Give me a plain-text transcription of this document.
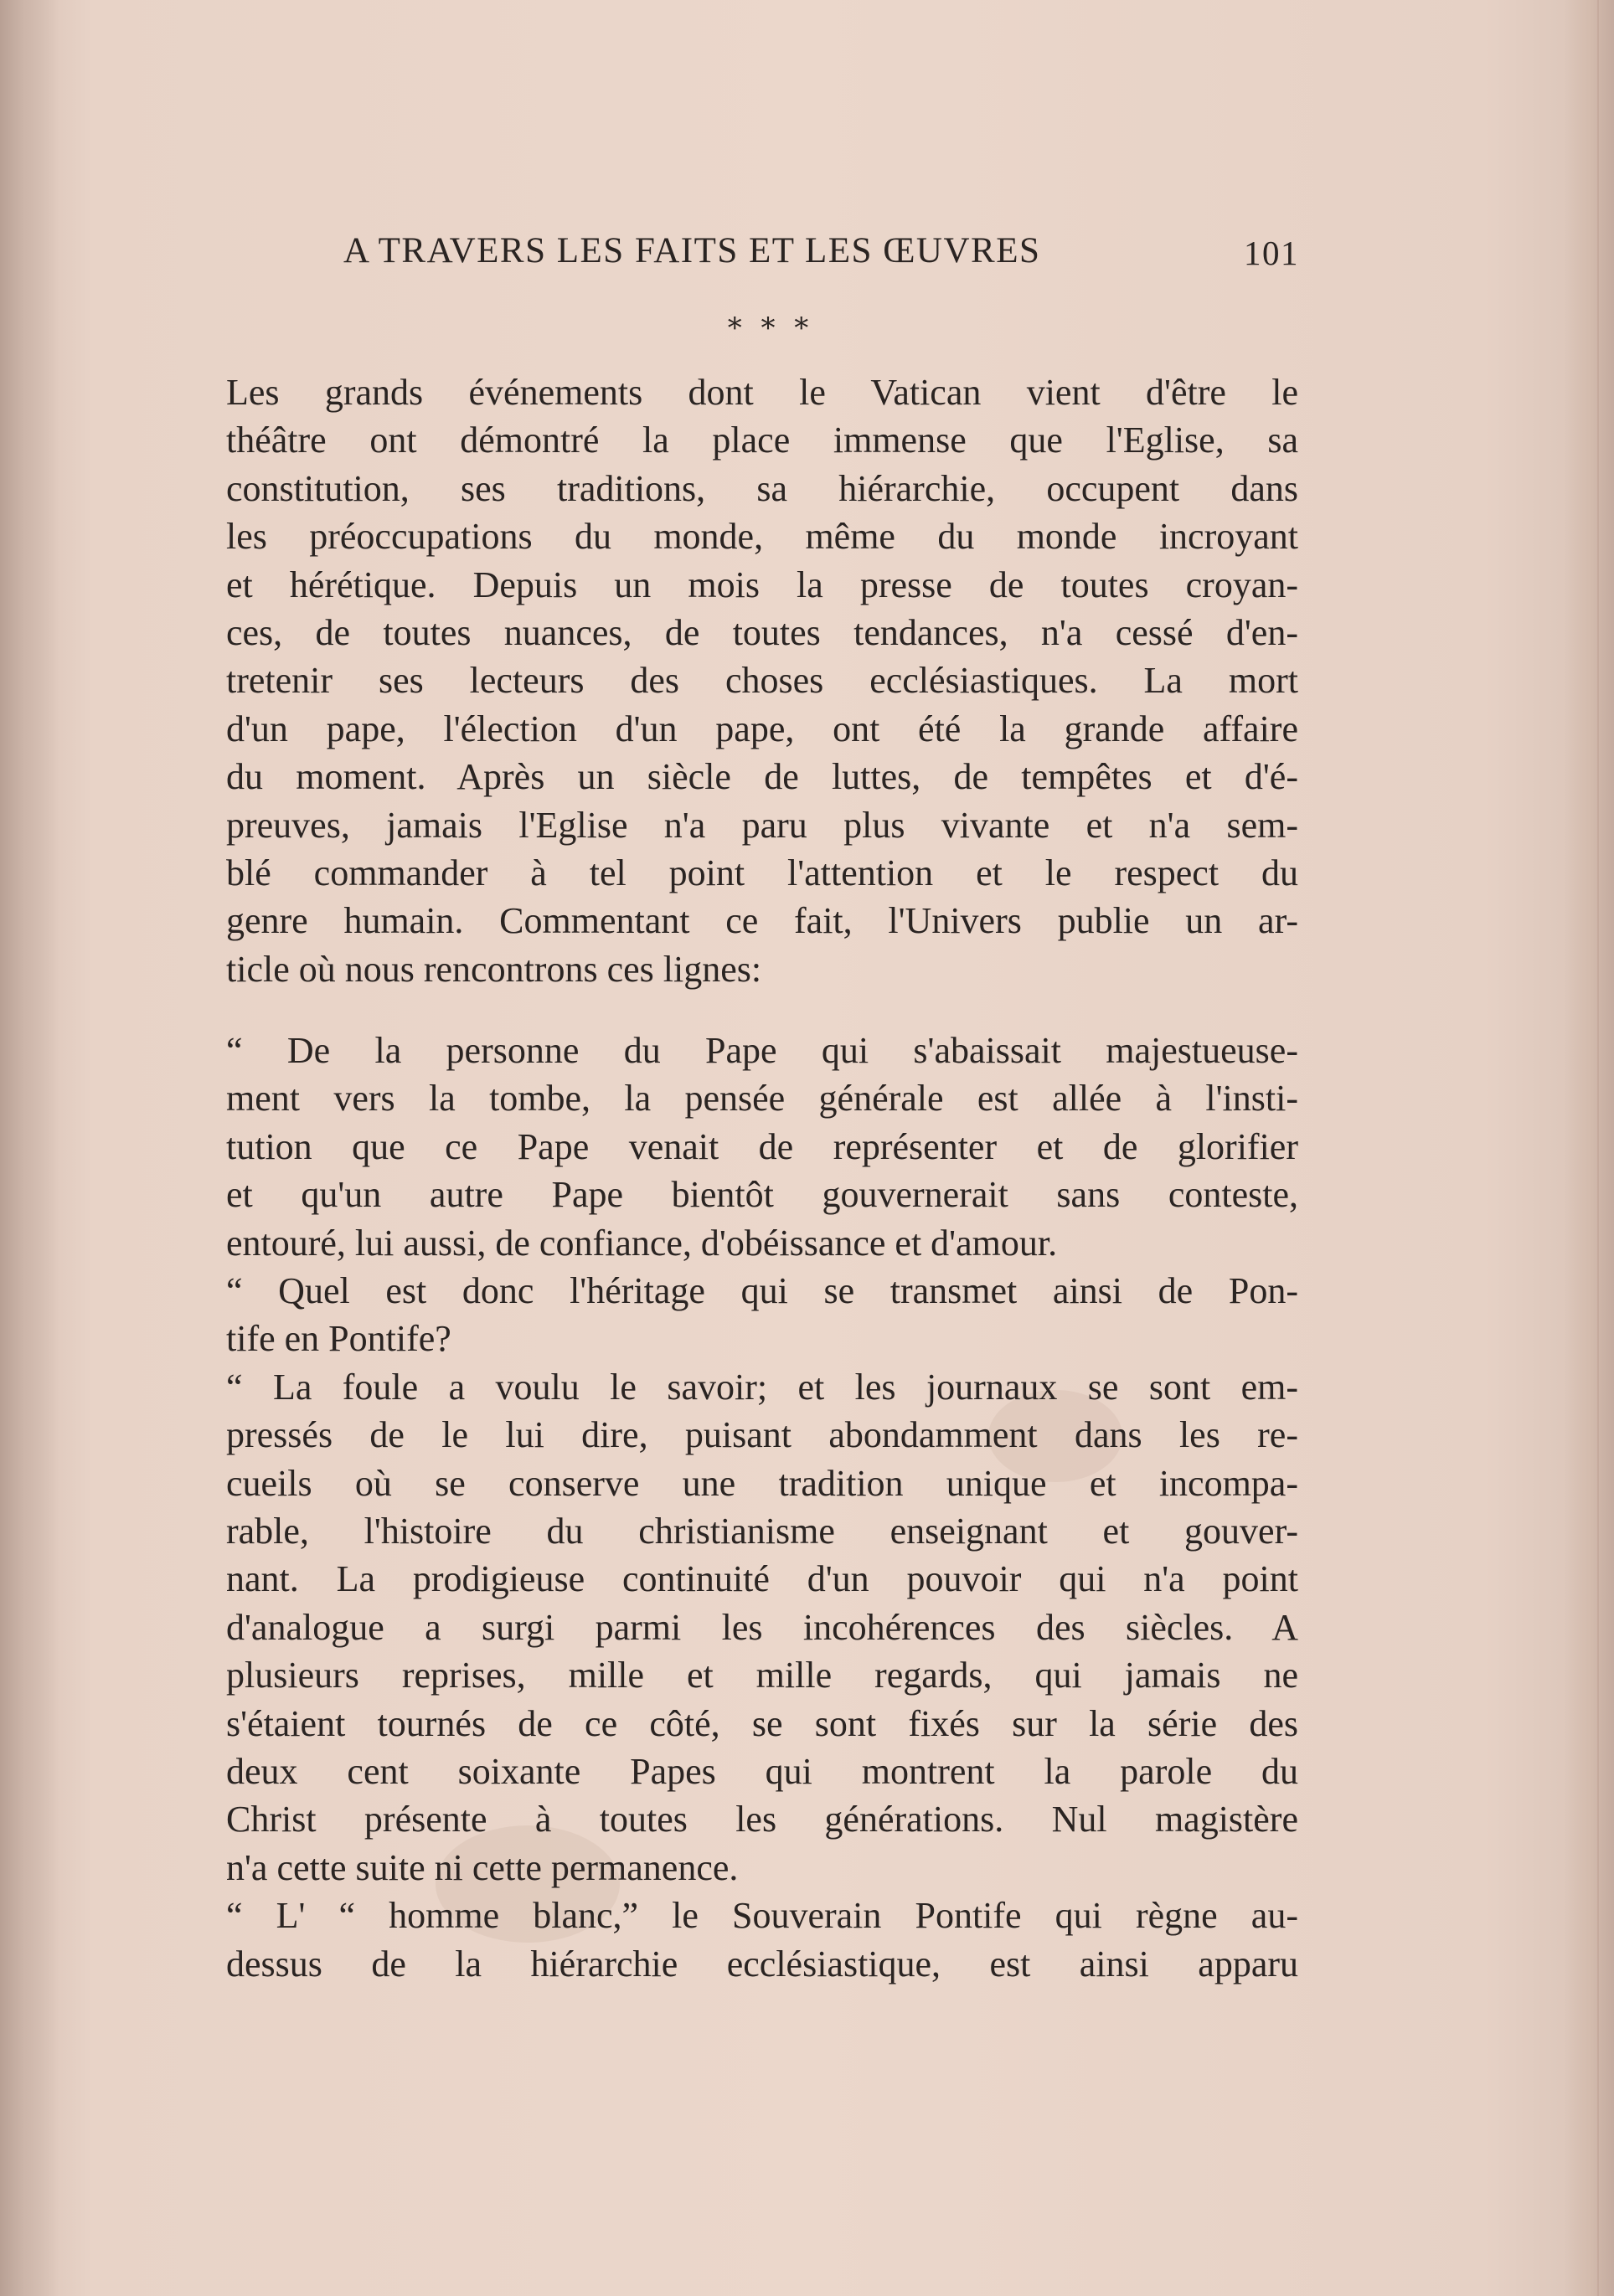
A TRAVERS LES FAITS ET LES ŒUVRES	101
* * *
Les grands événements dont le Vatican vient d'être le
théâtre ont démontré la place immense que l'Eglise, sa
constitution, ses traditions, sa hiérarchie, occupent dans
les préoccupations du monde, même du monde incroyant
et hérétique. Depuis un mois la presse de toutes croyan-
ces, de toutes nuances, de toutes tendances, n'a cessé d'en-
tretenir ses lecteurs des choses ecclésiastiques. La mort
d'un pape, l'élection d'un pape, ont été la grande affaire
du moment. Après un siècle de luttes, de tempêtes et d'é-
preuves, jamais l'Eglise n'a paru plus vivante et n'a sem-
blé commander à tel point l'attention et le respect du
genre humain. Commentant ce fait, l'Univers publie un ar-
ticle où nous rencontrons ces lignes:
“ De la personne du Pape qui s'abaissait majestueuse-
ment vers la tombe, la pensée générale est allée à l'insti-
tution que ce Pape venait de représenter et de glorifier
et qu'un autre Pape bientôt gouvernerait sans conteste,
entouré, lui aussi, de confiance, d'obéissance et d'amour.
“ Quel est donc l'héritage qui se transmet ainsi de Pon-
tife en Pontife?
“ La foule a voulu le savoir; et les journaux se sont em-
pressés de le lui dire, puisant abondamment dans les re-
cueils où se conserve une tradition unique et incompa-
rable, l'histoire du christianisme enseignant et gouver-
nant. La prodigieuse continuité d'un pouvoir qui n'a point
d'analogue a surgi parmi les incohérences des siècles. A
plusieurs reprises, mille et mille regards, qui jamais ne
s'étaient tournés de ce côté, se sont fixés sur la série des
deux cent soixante Papes qui montrent la parole du
Christ présente à toutes les générations. Nul magistère
n'a cette suite ni cette permanence.
“ L' “ homme blanc,” le Souverain Pontife qui règne au-
dessus de la hiérarchie ecclésiastique, est ainsi apparu
